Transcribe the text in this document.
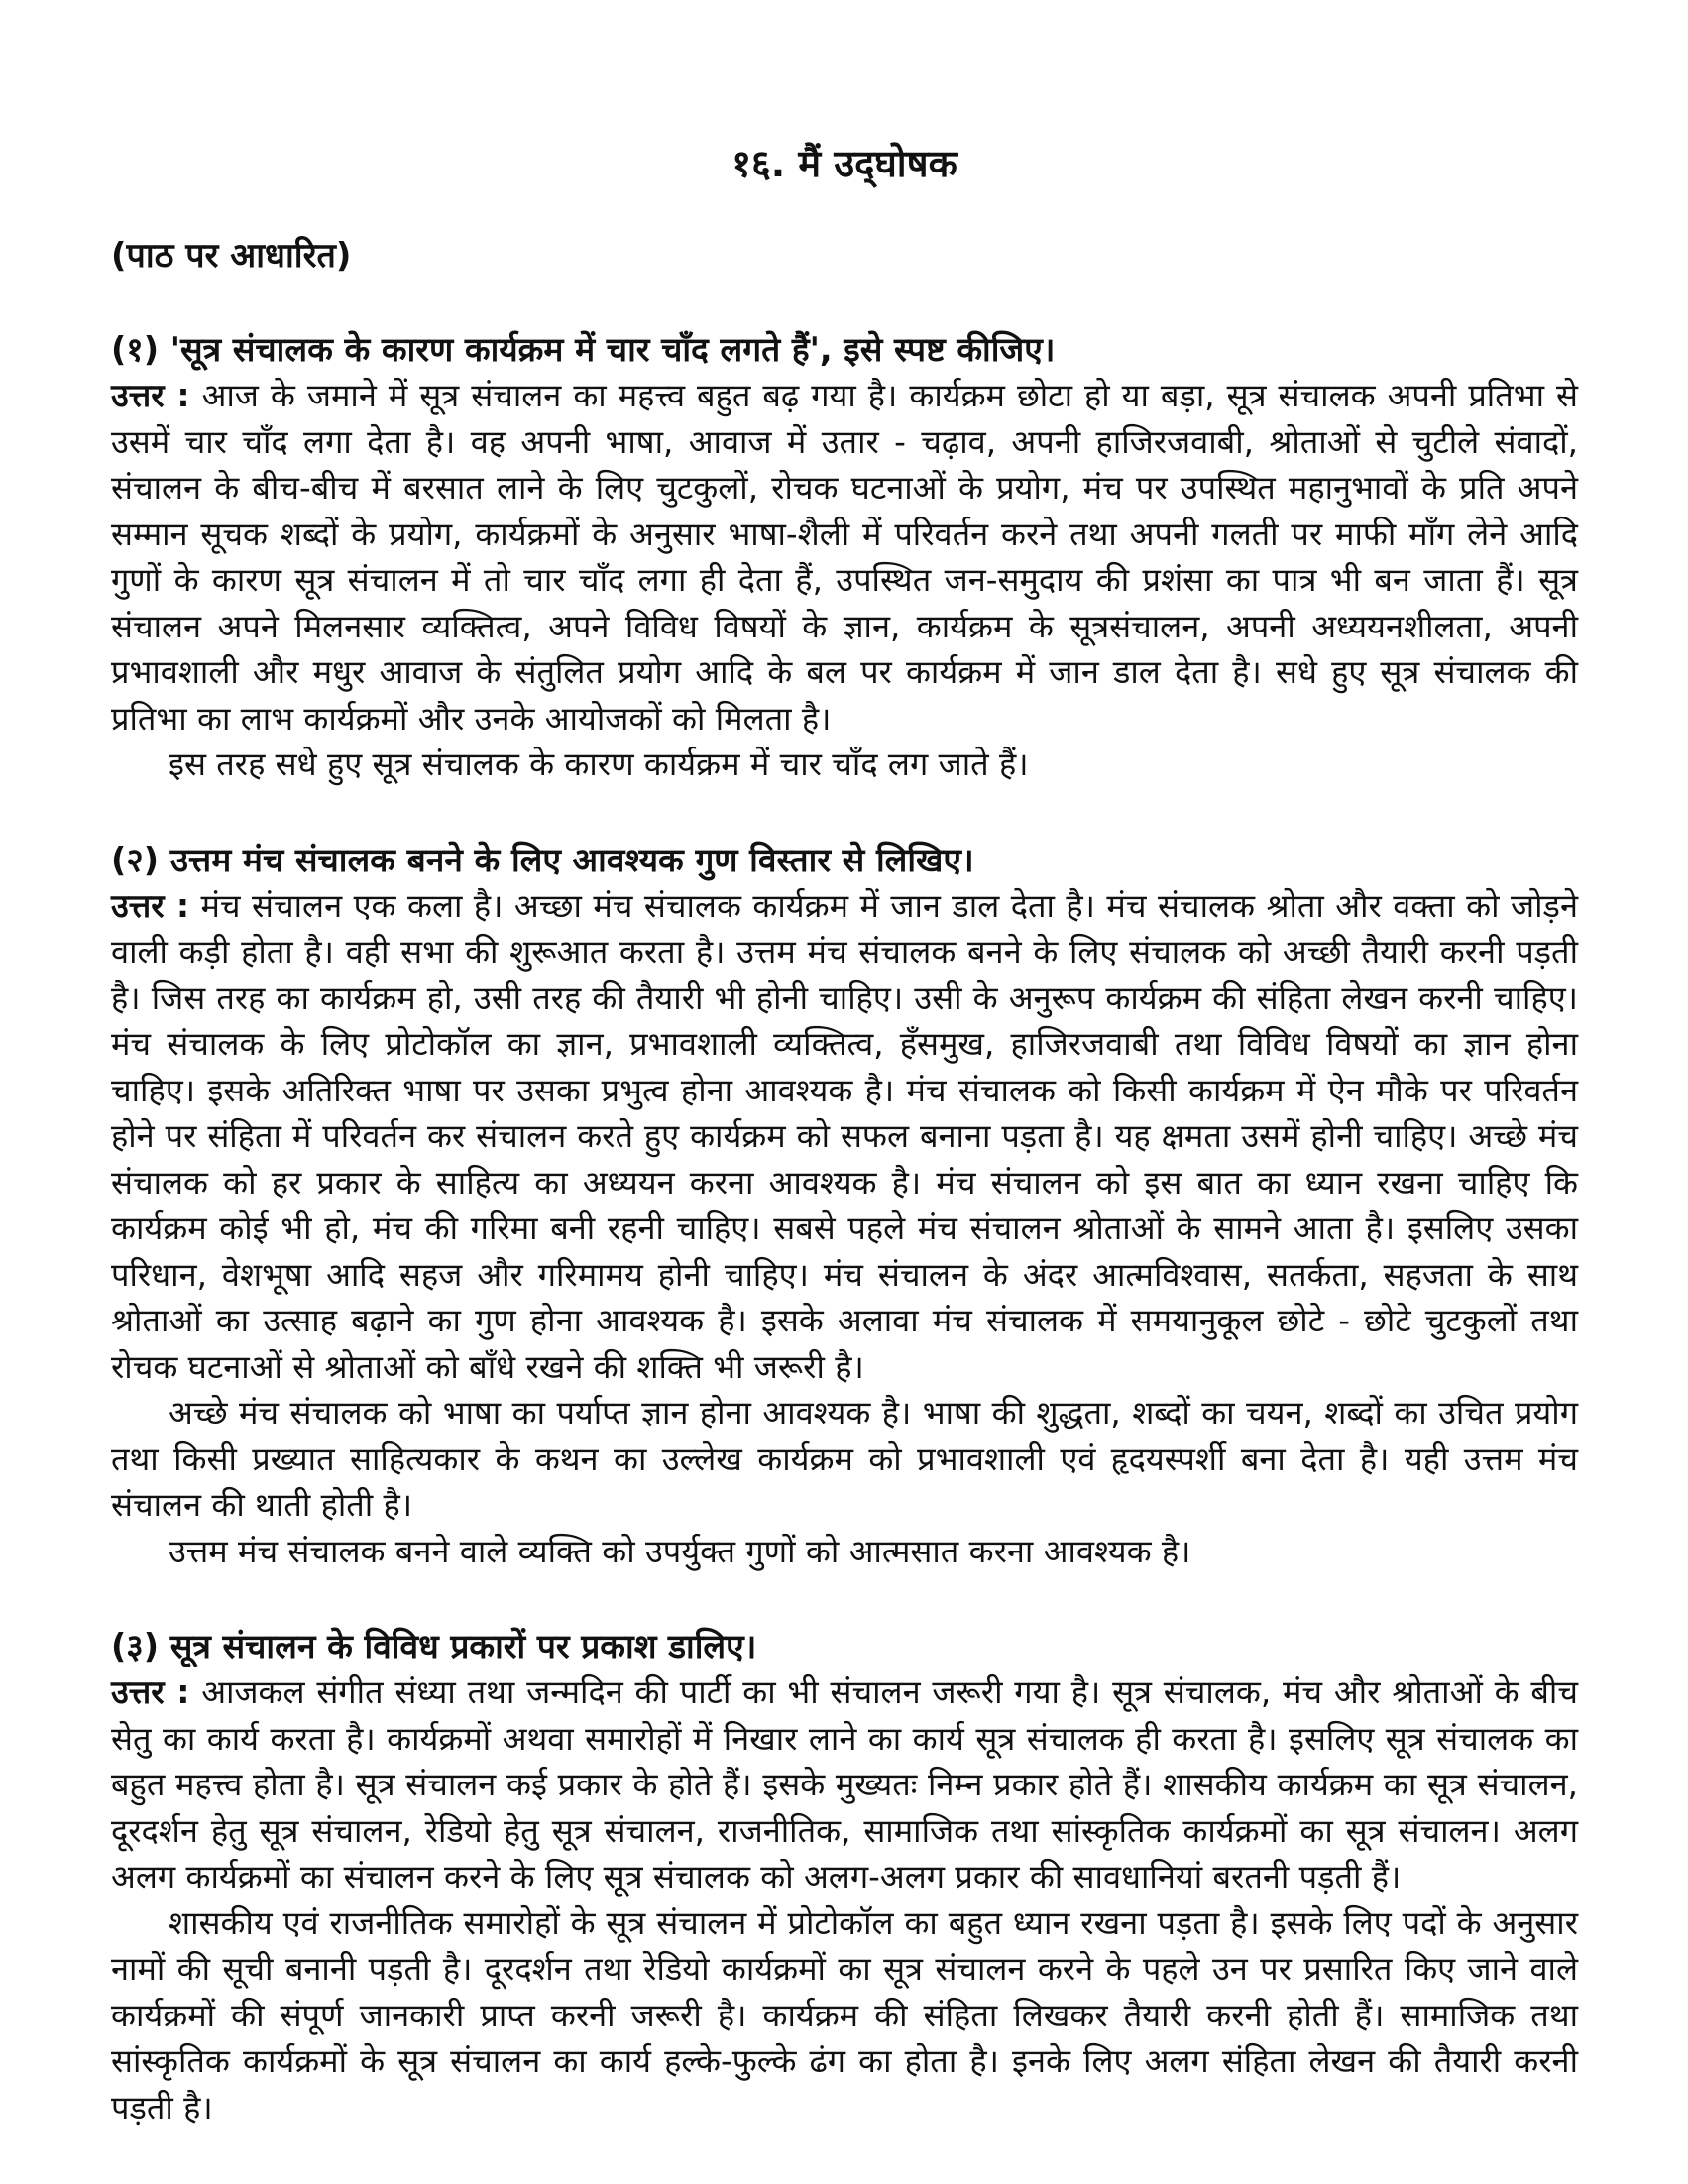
१६. मैं उद्‌घोषक
(पाठ पर आधारित)

(१) 'सूत्र संचालक के कारण कार्यक्रम में चार चाँद लगते हैं', इसे स्पष्ट कीजिए।

उत्तर : आज के जमाने में सूत्र संचालन का महत्त्व बहुत बढ़ गया है। कार्यक्रम छोटा हो या बड़ा, सूत्र संचालक अपनी प्रतिभा से उसमें चार चाँद लगा देता है। वह अपनी भाषा, आवाज में उतार - चढ़ाव, अपनी हाजिरजवाबी, श्रोताओं से चुटीले संवादों, संचालन के बीच-बीच में बरसात लाने के लिए चुटकुलों, रोचक घटनाओं के प्रयोग, मंच पर उपस्थित महानुभावों के प्रति अपने सम्मान सूचक शब्दों के प्रयोग, कार्यक्रमों के अनुसार भाषा-शैली में परिवर्तन करने तथा अपनी गलती पर माफी माँग लेने आदि गुणों के कारण सूत्र संचालन में तो चार चाँद लगा ही देता हैं, उपस्थित जन-समुदाय की प्रशंसा का पात्र भी बन जाता हैं। सूत्र संचालन अपने मिलनसार व्यक्तित्व, अपने विविध विषयों के ज्ञान, कार्यक्रम के सूत्रसंचालन, अपनी अध्ययनशीलता, अपनी प्रभावशाली और मधुर आवाज के संतुलित प्रयोग आदि के बल पर कार्यक्रम में जान डाल देता है। सधे हुए सूत्र संचालक की प्रतिभा का लाभ कार्यक्रमों और उनके आयोजकों को मिलता है।

इस तरह सधे हुए सूत्र संचालक के कारण कार्यक्रम में चार चाँद लग जाते हैं।

(२) उत्तम मंच संचालक बनने के लिए आवश्यक गुण विस्तार से लिखिए।

उत्तर : मंच संचालन एक कला है। अच्छा मंच संचालक कार्यक्रम में जान डाल देता है। मंच संचालक श्रोता और वक्ता को जोड़ने वाली कड़ी होता है। वही सभा की शुरूआत करता है। उत्तम मंच संचालक बनने के लिए संचालक को अच्छी तैयारी करनी पड़ती है। जिस तरह का कार्यक्रम हो, उसी तरह की तैयारी भी होनी चाहिए। उसी के अनुरूप कार्यक्रम की संहिता लेखन करनी चाहिए। मंच संचालक के लिए प्रोटोकॉल का ज्ञान, प्रभावशाली व्यक्तित्व, हँसमुख, हाजिरजवाबी तथा विविध विषयों का ज्ञान होना चाहिए। इसके अतिरिक्त भाषा पर उसका प्रभुत्व होना आवश्यक है। मंच संचालक को किसी कार्यक्रम में ऐन मौके पर परिवर्तन होने पर संहिता में परिवर्तन कर संचालन करते हुए कार्यक्रम को सफल बनाना पड़ता है। यह क्षमता उसमें होनी चाहिए। अच्छे मंच संचालक को हर प्रकार के साहित्य का अध्ययन करना आवश्यक है। मंच संचालन को इस बात का ध्यान रखना चाहिए कि कार्यक्रम कोई भी हो, मंच की गरिमा बनी रहनी चाहिए। सबसे पहले मंच संचालन श्रोताओं के सामने आता है। इसलिए उसका परिधान, वेशभूषा आदि सहज और गरिमामय होनी चाहिए। मंच संचालन के अंदर आत्मविश्वास, सतर्कता, सहजता के साथ श्रोताओं का उत्साह बढ़ाने का गुण होना आवश्यक है। इसके अलावा मंच संचालक में समयानुकूल छोटे - छोटे चुटकुलों तथा रोचक घटनाओं से श्रोताओं को बाँधे रखने की शक्ति भी जरूरी है।

अच्छे मंच संचालक को भाषा का पर्याप्त ज्ञान होना आवश्यक है। भाषा की शुद्धता, शब्दों का चयन, शब्दों का उचित प्रयोग तथा किसी प्रख्यात साहित्यकार के कथन का उल्लेख कार्यक्रम को प्रभावशाली एवं हृदयस्पर्शी बना देता है। यही उत्तम मंच संचालन की थाती होती है।

उत्तम मंच संचालक बनने वाले व्यक्ति को उपर्युक्त गुणों को आत्मसात करना आवश्यक है।

(३) सूत्र संचालन के विविध प्रकारों पर प्रकाश डालिए।

उत्तर : आजकल संगीत संध्या तथा जन्मदिन की पार्टी का भी संचालन जरूरी गया है। सूत्र संचालक, मंच और श्रोताओं के बीच सेतु का कार्य करता है। कार्यक्रमों अथवा समारोहों में निखार लाने का कार्य सूत्र संचालक ही करता है। इसलिए सूत्र संचालक का बहुत महत्त्व होता है। सूत्र संचालन कई प्रकार के होते हैं। इसके मुख्यतः निम्न प्रकार होते हैं। शासकीय कार्यक्रम का सूत्र संचालन, दूरदर्शन हेतु सूत्र संचालन, रेडियो हेतु सूत्र संचालन, राजनीतिक, सामाजिक तथा सांस्कृतिक कार्यक्रमों का सूत्र संचालन। अलग अलग कार्यक्रमों का संचालन करने के लिए सूत्र संचालक को अलग-अलग प्रकार की सावधानियां बरतनी पड़ती हैं।

शासकीय एवं राजनीतिक समारोहों के सूत्र संचालन में प्रोटोकॉल का बहुत ध्यान रखना पड़ता है। इसके लिए पदों के अनुसार नामों की सूची बनानी पड़ती है। दूरदर्शन तथा रेडियो कार्यक्रमों का सूत्र संचालन करने के पहले उन पर प्रसारित किए जाने वाले कार्यक्रमों की संपूर्ण जानकारी प्राप्त करनी जरूरी है। कार्यक्रम की संहिता लिखकर तैयारी करनी होती हैं। सामाजिक तथा सांस्कृतिक कार्यक्रमों के सूत्र संचालन का कार्य हल्के-फुल्के ढंग का होता है। इनके लिए अलग संहिता लेखन की तैयारी करनी पड़ती है।
